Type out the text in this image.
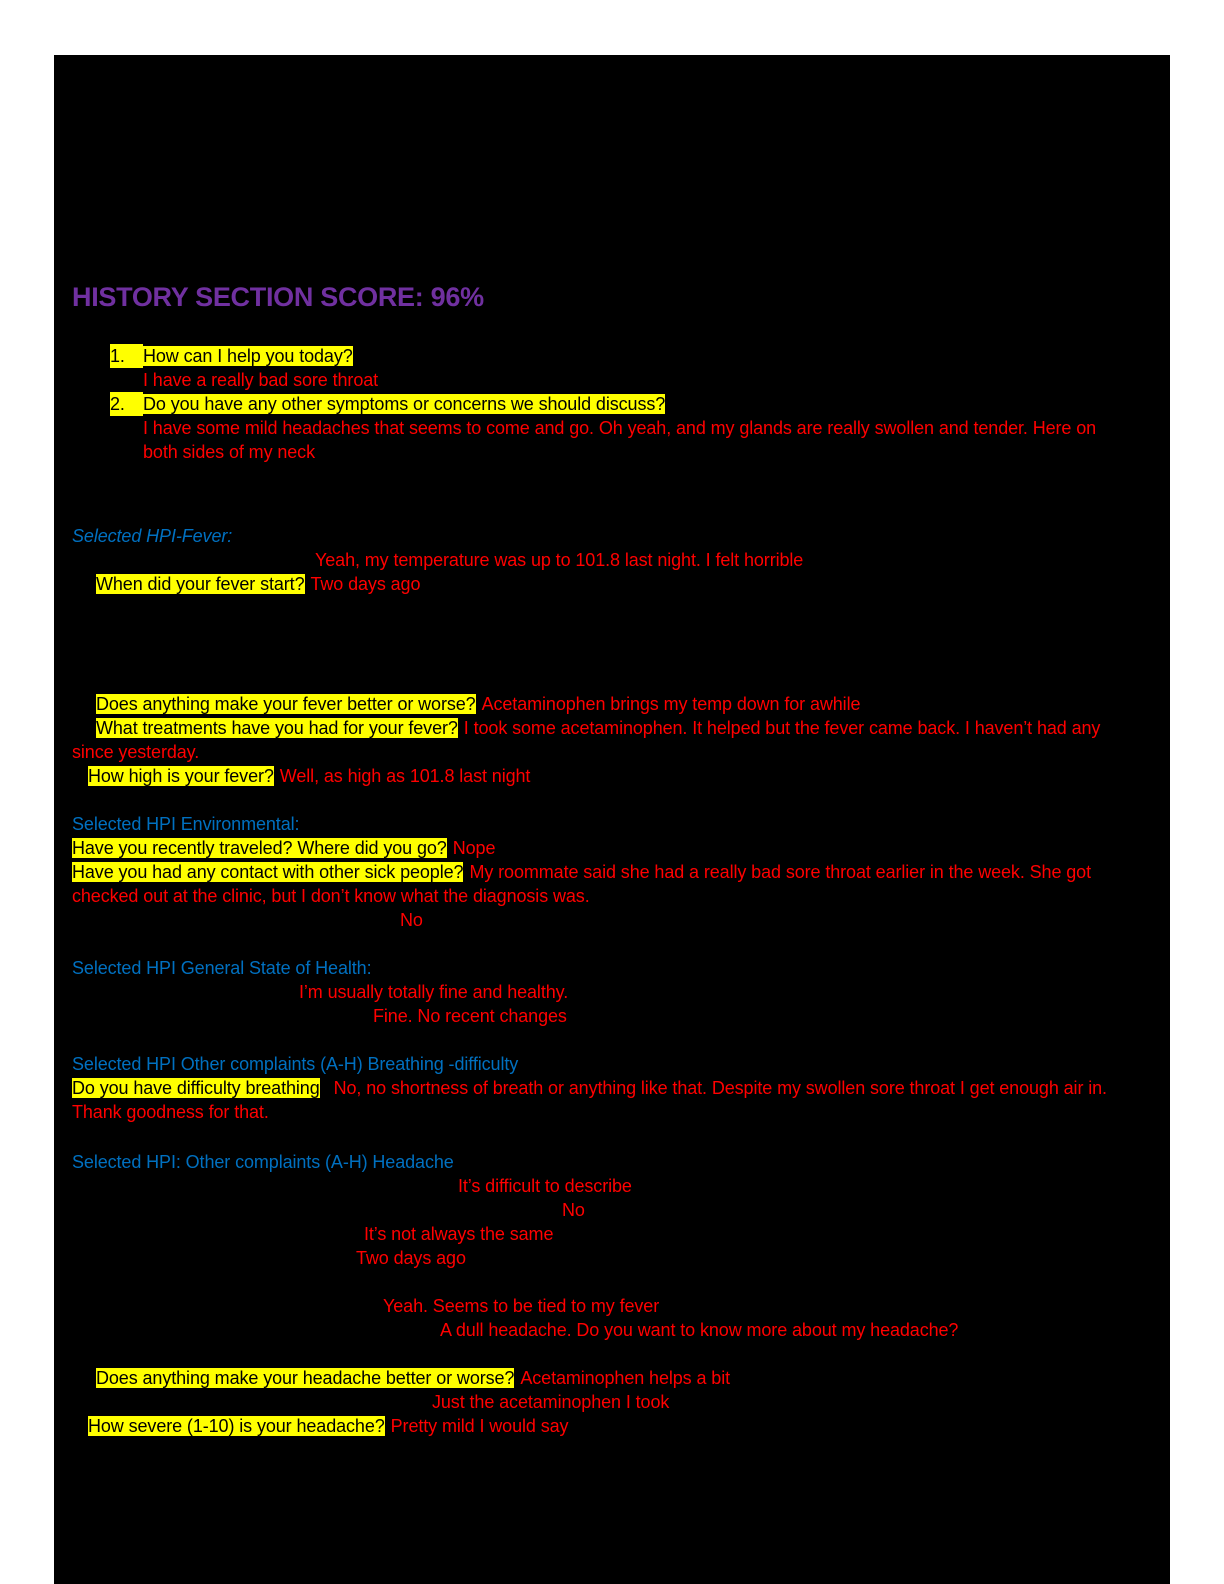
HISTORY SECTION SCORE: 96%
1.	How can I help you today?
I have a really bad sore throat
2.	Do you have any other symptoms or concerns we should discuss?
I have some mild headaches that seems to come and go. Oh yeah, and my glands are really swollen and tender. Here on both sides of my neck
Selected HPI-Fever:
Yeah, my temperature was up to 101.8 last night. I felt horrible
When did your fever start? Two days ago
Does anything make your fever better or worse? Acetaminophen brings my temp down for awhile
What treatments have you had for your fever? I took some acetaminophen. It helped but the fever came back. I haven’t had any since yesterday.
How high is your fever? Well, as high as 101.8 last night
Selected HPI Environmental:
Have you recently traveled? Where did you go? Nope
Have you had any contact with other sick people? My roommate said she had a really bad sore throat earlier in the week. She got checked out at the clinic, but I don’t know what the diagnosis was.
No
Selected HPI General State of Health:
I’m usually totally fine and healthy.
Fine. No recent changes
Selected HPI Other complaints (A-H) Breathing -difficulty
Do you have difficulty breathing No, no shortness of breath or anything like that. Despite my swollen sore throat I get enough air in. Thank goodness for that.
Selected HPI: Other complaints (A-H) Headache
It’s difficult to describe
No
It’s not always the same
Two days ago
Yeah. Seems to be tied to my fever
A dull headache. Do you want to know more about my headache?
Does anything make your headache better or worse? Acetaminophen helps a bit
Just the acetaminophen I took
How severe (1-10) is your headache? Pretty mild I would say
